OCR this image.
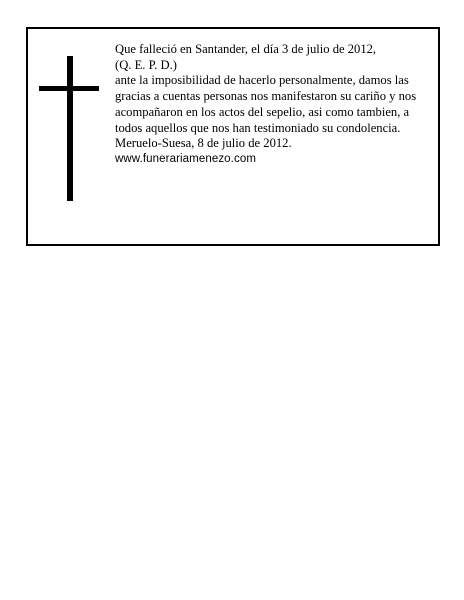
Que falleció en Santander, el día 3 de julio de 2012,

(Q. E. P. D.)

ante la imposibilidad de hacerlo personalmente, damos las gracias a cuentas personas nos manifestaron su cariño y nos acompañaron en los actos del sepelio, asi como tambien, a todos aquellos que nos han testimoniado su condolencia.

Meruelo-Suesa, 8 de julio de 2012.

www.funerariamenezo.com
